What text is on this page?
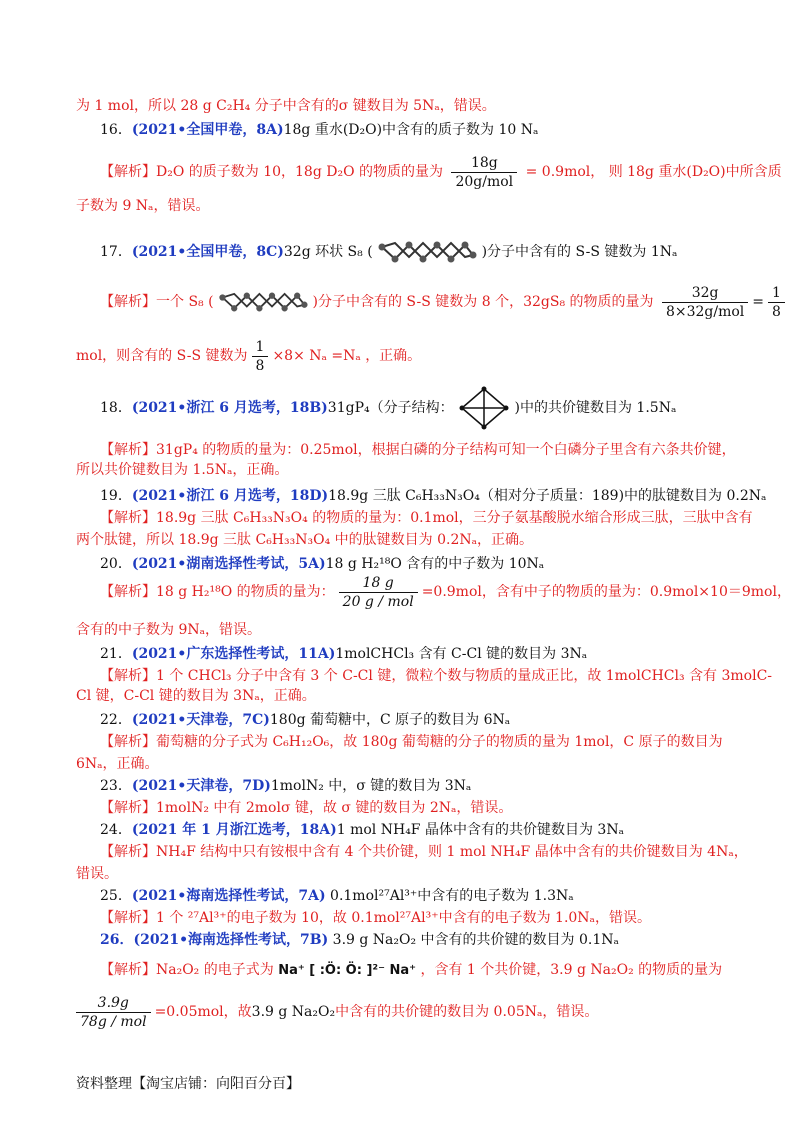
为 1 mol，所以 28 g C₂H₄ 分子中含有的σ 键数目为 5Nₐ，错误。
16．(2021•全国甲卷，8A)18g 重水(D₂O)中含有的质子数为 10 Nₐ
【解析】D₂O 的质子数为 10，18g D₂O 的物质的量为 $\frac{18g}{\text{20g/mol}} = 0.9mol$， 则 18g 重水(D₂O)中所含质
子数为 9 Nₐ，错误。
17．(2021•全国甲卷，8C)32g 环状 S₈ (	)分子中含有的 S-S 键数为 1Nₐ
【解析】一个 S₈ (	)分子中含有的 S-S 键数为 8 个，32gS₈ 的物质的量为 $\frac{32g}{\text{8×32g/mol}} = \frac{1}{8}$
mol，则含有的 S-S 键数为 $\frac{1}{8} \times 8\times N_a =N_a$ ，正确。
18．(2021•浙江 6 月选考，18B)31gP₄（分子结构：	)中的共价键数目为 1.5Nₐ
【解析】31gP₄ 的物质的量为：0.25mol，根据白磷的分子结构可知一个白磷分子里含有六条共价键，
所以共价键数目为 1.5Nₐ，正确。
19．(2021•浙江 6 月选考，18D)18.9g 三肽 C₆H₃₃N₃O₄（相对分子质量：189)中的肽键数目为 0.2Nₐ
【解析】18.9g 三肽 C₆H₃₃N₃O₄ 的物质的量为：0.1mol，三分子氨基酸脱水缩合形成三肽，三肽中含有
两个肽键，所以 18.9g 三肽 C₆H₃₃N₃O₄ 中的肽键数目为 0.2Nₐ，正确。
20．(2021•湖南选择性考试，5A)18 g H₂¹⁸O 含有的中子数为 10Nₐ
【解析】18 g H₂¹⁸O 的物质的量为： $\frac{18 g}{\text{20 g / mol}} =0.9mol$，含有中子的物质的量为：0.9mol×10＝9mol，
含有的中子数为 9Nₐ，错误。
21．(2021•广东选择性考试，11A)1molCHCl₃ 含有 C-Cl 键的数目为 3Nₐ
【解析】1 个 CHCl₃ 分子中含有 3 个 C-Cl 键，微粒个数与物质的量成正比，故 1molCHCl₃ 含有 3molC-
Cl 键，C-Cl 键的数目为 3Nₐ，正确。
22．(2021•天津卷，7C)180g 葡萄糖中，C 原子的数目为 6Nₐ
【解析】葡萄糖的分子式为 C₆H₁₂O₆，故 180g 葡萄糖的分子的物质的量为 1mol，C 原子的数目为
6Nₐ，正确。
23．(2021•天津卷，7D)1molN₂ 中，σ 键的数目为 3Nₐ
【解析】1molN₂ 中有 2molσ 键，故 σ 键的数目为 2Nₐ，错误。
24．(2021 年 1 月浙江选考，18A)1 mol NH₄F 晶体中含有的共价键数目为 3Nₐ
【解析】NH₄F 结构中只有铵根中含有 4 个共价键，则 1 mol NH₄F 晶体中含有的共价键数目为 4Nₐ，
错误。
25．(2021•海南选择性考试，7A) 0.1mol²⁷Al³⁺中含有的电子数为 1.3Nₐ
【解析】1 个 ²⁷Al³⁺的电子数为 10，故 0.1mol²⁷Al³⁺中含有的电子数为 1.0Nₐ，错误。
26．(2021•海南选择性考试，7B) 3.9 g Na₂O₂ 中含有的共价键的数目为 0.1Nₐ
【解析】Na₂O₂ 的电子式为 Na⁺ [ :Ö: Ö: ]²⁻ Na⁺ ，含有 1 个共价键，3.9 g Na₂O₂ 的物质的量为
$\frac{3.9g}{\text{78g / mol}} =0.05mol$，故3.9 g Na₂O₂中含有的共价键的数目为 0.05Nₐ，错误。
资料整理【淘宝店铺：向阳百分百】
